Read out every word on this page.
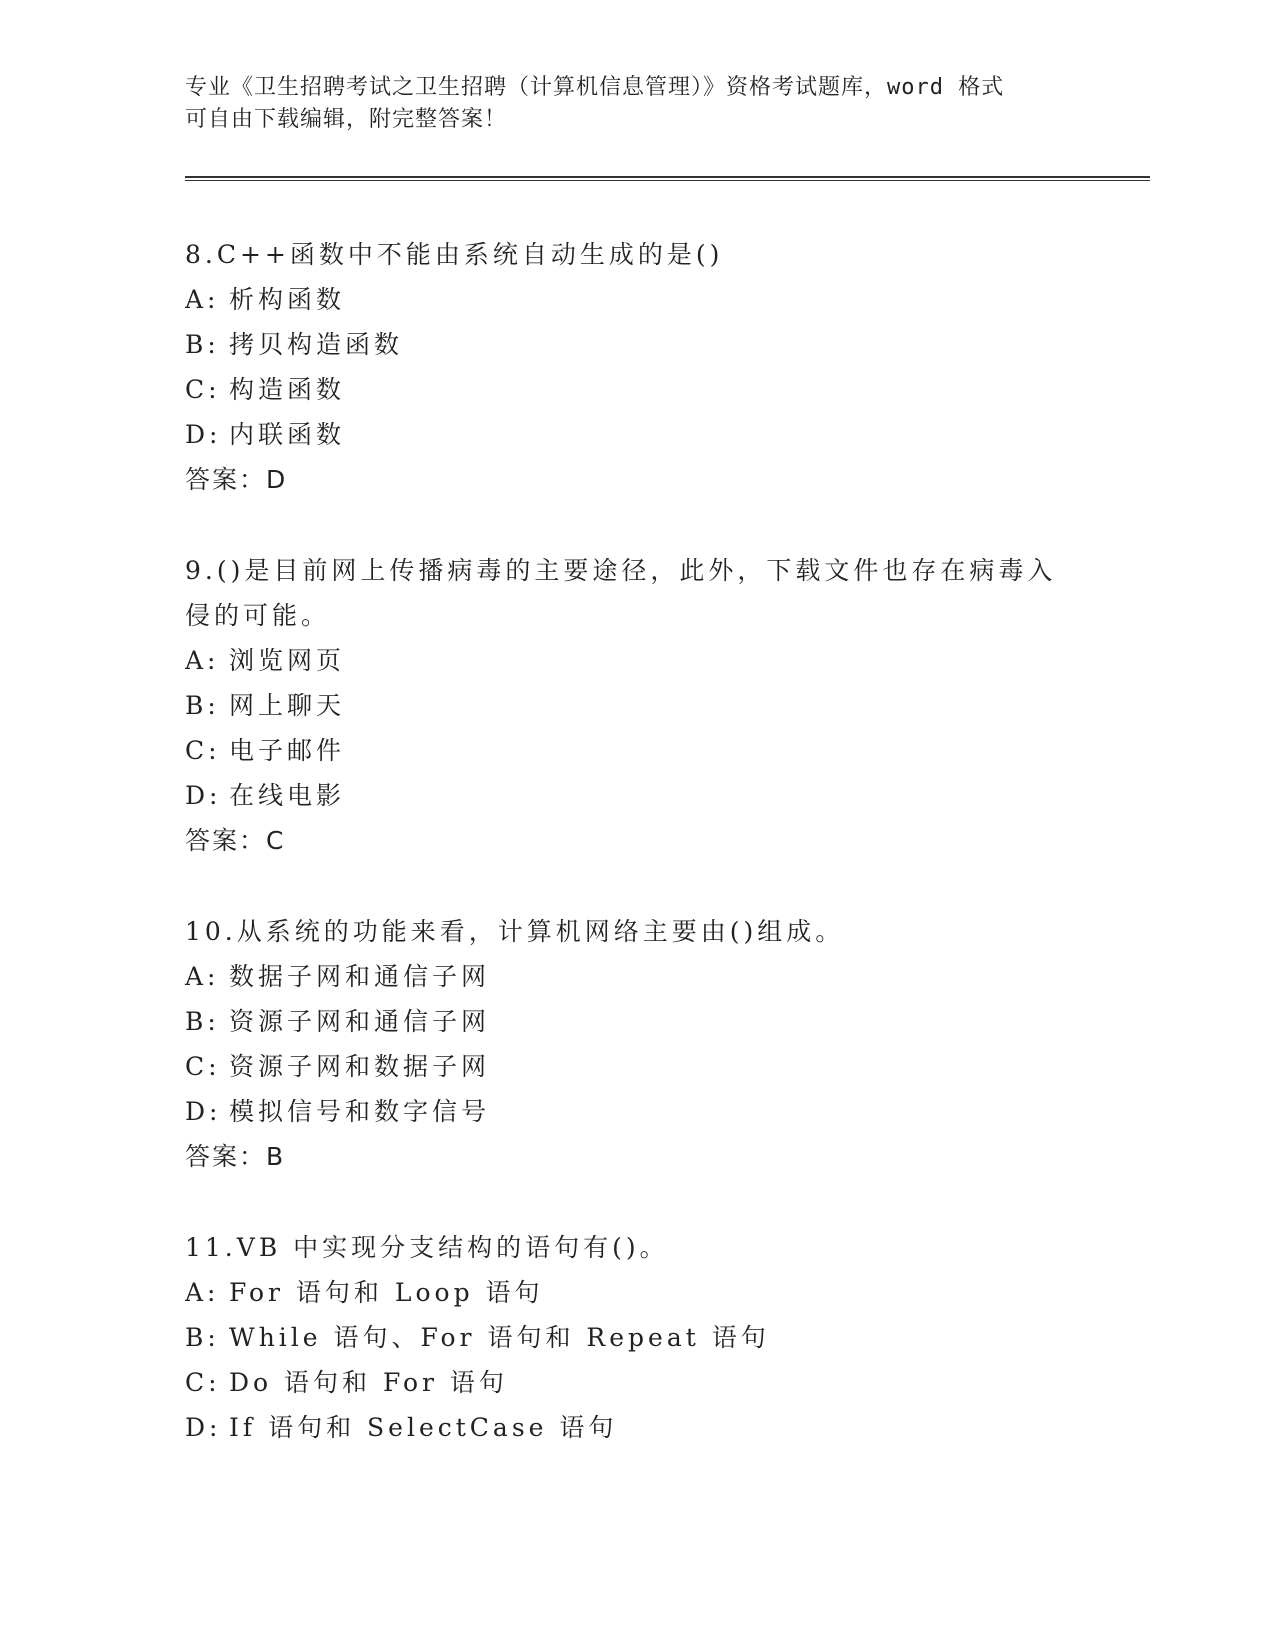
专业《卫生招聘考试之卫生招聘（计算机信息管理）》资格考试题库，word 格式
可自由下载编辑，附完整答案！

8.C++函数中不能由系统自动生成的是()

A: 析构函数

B: 拷贝构造函数

C: 构造函数

D: 内联函数

答案：D

9.()是目前网上传播病毒的主要途径，此外，下载文件也存在病毒入侵的可能。

A: 浏览网页

B: 网上聊天

C: 电子邮件

D: 在线电影

答案：C

10.从系统的功能来看，计算机网络主要由()组成。

A: 数据子网和通信子网

B: 资源子网和通信子网

C: 资源子网和数据子网

D: 模拟信号和数字信号

答案：B

11.VB 中实现分支结构的语句有()。

A: For 语句和 Loop 语句

B: While 语句、For 语句和 Repeat 语句

C: Do 语句和 For 语句

D: If 语句和 SelectCase 语句
